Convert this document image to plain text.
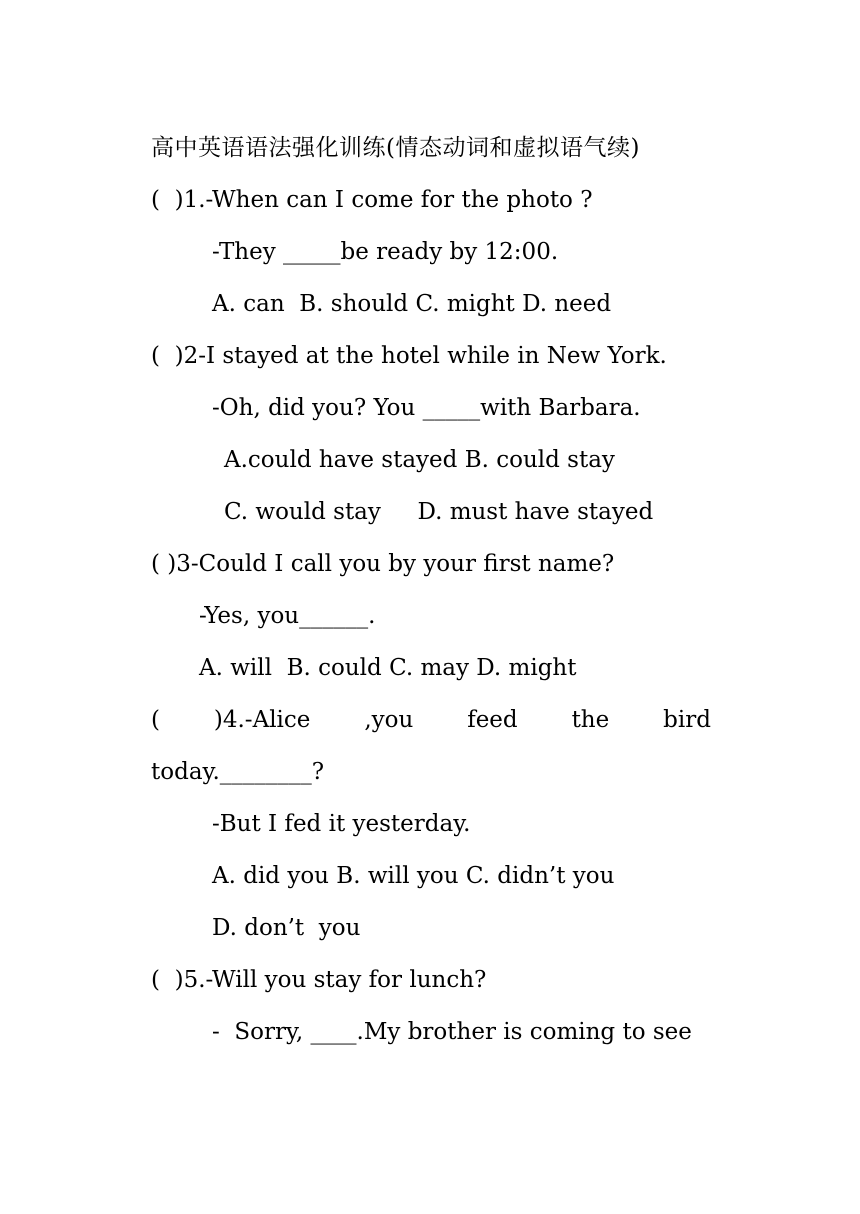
高中英语语法强化训练(情态动词和虚拟语气续)
(  )1.-When can I come for the photo ?
-They _____be ready by 12:00.
A. can  B. should C. might D. need
(  )2-I stayed at the hotel while in New York.
-Oh, did you? You _____with Barbara.
A.could have stayed B. could stay
C. would stay     D. must have stayed
( )3-Could I call you by your first name?
-Yes, you______.
A. will  B. could C. may D. might
( )4.-Alice ,you feed the bird
today.________?
-But I fed it yesterday.
A. did you B. will you C. didn’t you
D. don’t  you
(  )5.-Will you stay for lunch?
-  Sorry, ____.My brother is coming to see
